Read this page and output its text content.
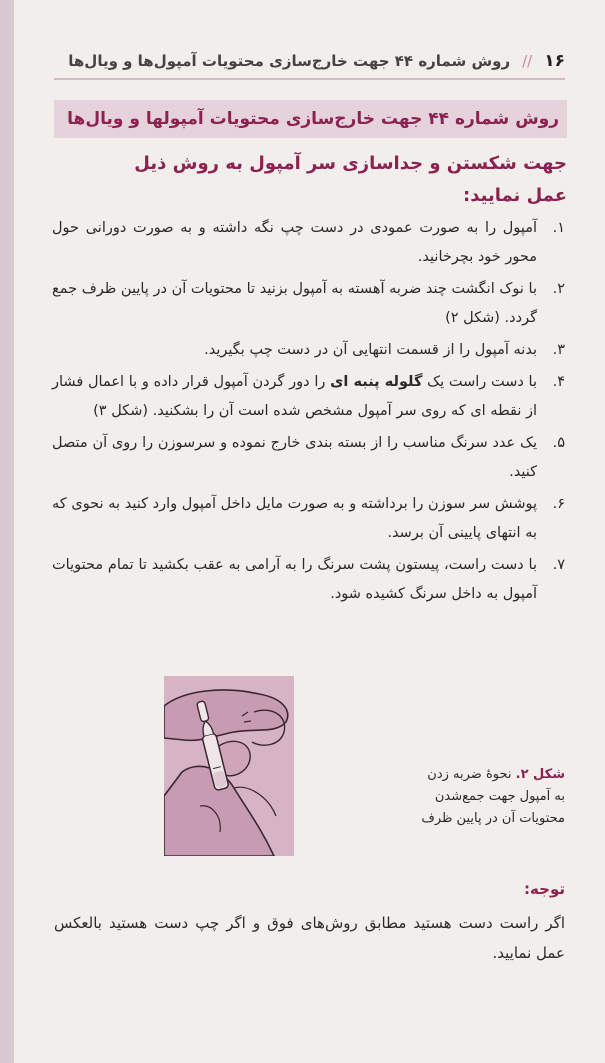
۱۶
//
روش شماره ۴۴ جهت خارج‌سازی محتویات آمپول‌ها و ویال‌ها
روش شماره ۴۴ جهت خارج‌سازی محتویات آمپولها و ویال‌ها
جهت شکستن و جداسازی سر آمپول به روش ذیل عمل نمایید:
۱.
آمپول را به صورت عمودی در دست چپ نگه داشته و به صورت دورانی حول محور خود بچرخانید.
۲.
با نوک انگشت چند ضربه آهسته به آمپول بزنید تا محتویات آن در پایین ظرف جمع گردد. (شکل ۲)
۳.
بدنه آمپول را از قسمت انتهایی آن در دست چپ بگیرید.
۴.
با دست راست یک گلوله پنبه ای را دور گردن آمپول قرار داده و با اعمال فشار از نقطه ای که روی سر آمپول مشخص شده است آن را بشکنید. (شکل ۳)
۵.
یک عدد سرنگ مناسب را از بسته بندی خارج نموده و سرسوزن را روی آن متصل کنید.
۶.
پوشش سر سوزن را برداشته و به صورت مایل داخل آمپول وارد کنید به نحوی که به انتهای پایینی آن برسد.
۷.
با دست راست، پیستون پشت سرنگ را به آرامی به عقب بکشید تا تمام محتویات آمپول به داخل سرنگ کشیده شود.
شکل ۲. نحوهٔ ضربه زدن به آمپول جهت جمع‌شدن محتویات آن در پایین ظرف
توجه:
اگر راست دست هستید مطابق روش‌های فوق و اگر چپ دست هستید بالعکس عمل نمایید.
